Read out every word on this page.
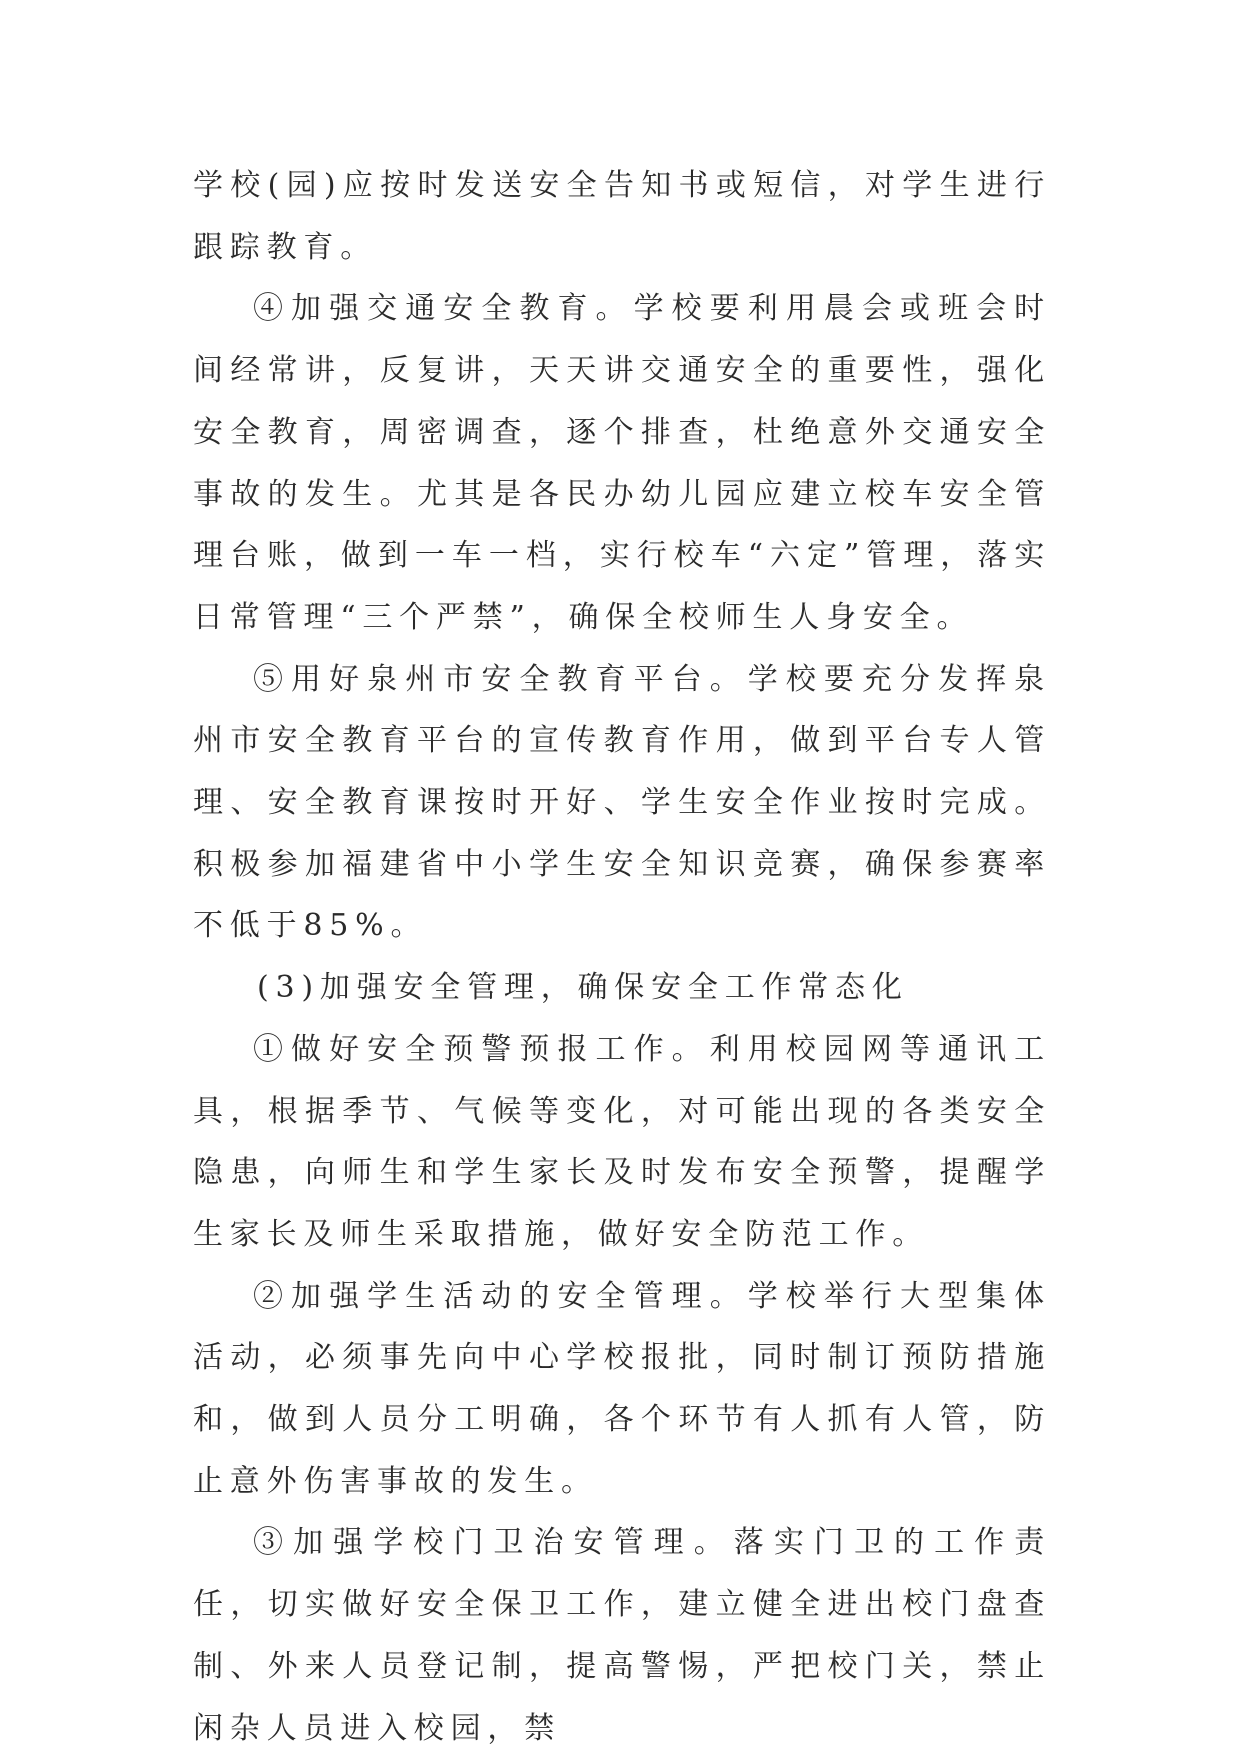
学校(园)应按时发送安全告知书或短信，对学生进行跟踪教育。

④加强交通安全教育。学校要利用晨会或班会时间经常讲，反复讲，天天讲交通安全的重要性，强化安全教育，周密调查，逐个排查，杜绝意外交通安全事故的发生。尤其是各民办幼儿园应建立校车安全管理台账，做到一车一档，实行校车“六定”管理，落实日常管理“三个严禁”，确保全校师生人身安全。

⑤用好泉州市安全教育平台。学校要充分发挥泉州市安全教育平台的宣传教育作用，做到平台专人管理、安全教育课按时开好、学生安全作业按时完成。积极参加福建省中小学生安全知识竞赛，确保参赛率不低于85%。

(3)加强安全管理，确保安全工作常态化

①做好安全预警预报工作。利用校园网等通讯工具，根据季节、气候等变化，对可能出现的各类安全隐患，向师生和学生家长及时发布安全预警，提醒学生家长及师生采取措施，做好安全防范工作。

②加强学生活动的安全管理。学校举行大型集体活动，必须事先向中心学校报批，同时制订预防措施和，做到人员分工明确，各个环节有人抓有人管，防止意外伤害事故的发生。

③加强学校门卫治安管理。落实门卫的工作责任，切实做好安全保卫工作，建立健全进出校门盘查制、外来人员登记制，提高警惕，严把校门关，禁止闲杂人员进入校园，禁
